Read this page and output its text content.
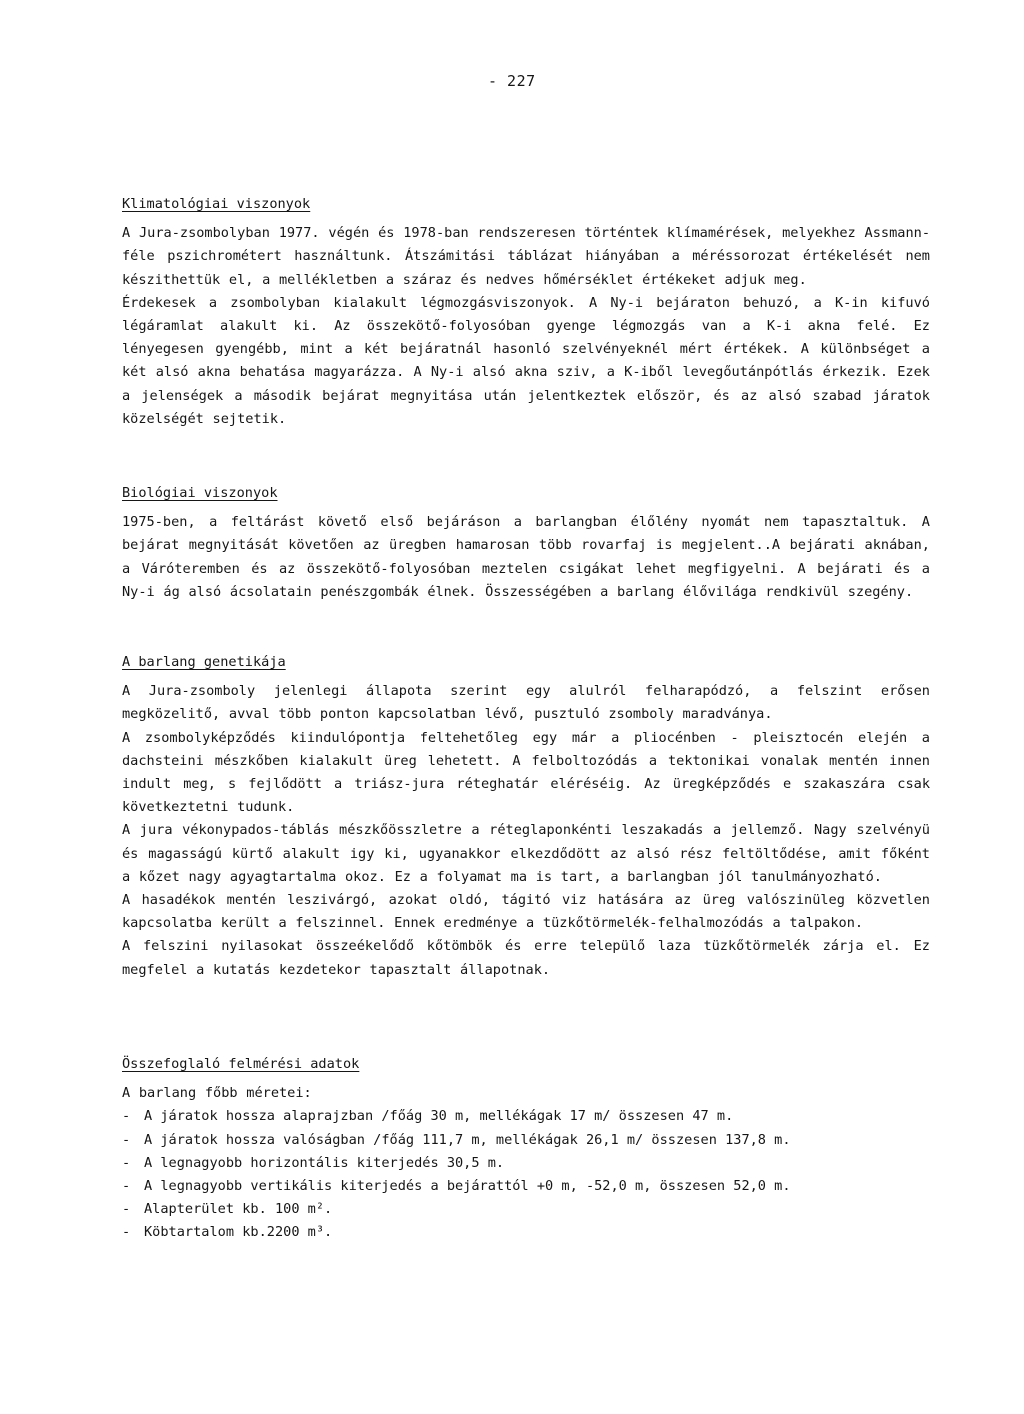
- 227
Klimatológiai viszonyok

A Jura-zsombolyban 1977. végén és 1978-ban rendszeresen történtek klímamérések, melyekhez Assmann-féle pszichrométert használtunk. Átszámitási táblázat hiányában a méréssorozat értékelését nem készithettük el, a mellékletben a száraz és nedves hőmérséklet értékeket adjuk meg.

Érdekesek a zsombolyban kialakult légmozgásviszonyok. A Ny-i bejáraton behuzó, a K-in kifuvó légáramlat alakult ki. Az összekötő-folyosóban gyenge légmozgás van a K-i akna felé. Ez lényegesen gyengébb, mint a két bejáratnál hasonló szelvényeknél mért értékek. A különbséget a két alsó akna behatása magyarázza. A Ny-i alsó akna sziv, a K-iből levegőutánpótlás érkezik. Ezek a jelenségek a második bejárat megnyitása után jelentkeztek először, és az alsó szabad járatok közelségét sejtetik.

Biológiai viszonyok

1975-ben, a feltárást követő első bejáráson a barlangban élőlény nyomát nem tapasztaltuk. A bejárat megnyitását követően az üregben hamarosan több rovarfaj is megjelent..A bejárati aknában, a Váróteremben és az összekötő-folyosóban meztelen csigákat lehet megfigyelni. A bejárati és a Ny-i ág alsó ácsolatain penészgombák élnek. Összességében a barlang élővilága rendkivül szegény.

A barlang genetikája

A Jura-zsomboly jelenlegi állapota szerint egy alulról felharapódzó, a felszint erősen megközelitő, avval több ponton kapcsolatban lévő, pusztuló zsomboly maradványa.

A zsombolyképződés kiindulópontja feltehetőleg egy már a pliocénben - pleisztocén elején a dachsteini mészkőben kialakult üreg lehetett. A felboltozódás a tektonikai vonalak mentén innen indult meg, s fejlődött a triász-jura réteghatár eléréséig. Az üregképződés e szakaszára csak következtetni tudunk.

A jura vékonypados-táblás mészkőösszletre a réteglaponkénti leszakadás a jellemző. Nagy szelvényü és magasságú kürtő alakult igy ki, ugyanakkor elkezdődött az alsó rész feltöltődése, amit főként a kőzet nagy agyagtartalma okoz. Ez a folyamat ma is tart, a barlangban jól tanulmányozható.

A hasadékok mentén leszivárgó, azokat oldó, tágitó viz hatására az üreg valószinüleg közvetlen kapcsolatba került a felszinnel. Ennek eredménye a tüzkőtörmelék-felhalmozódás a talpakon.

A felszini nyilasokat összeékelődő kőtömbök és erre települő laza tüzkőtörmelék zárja el. Ez megfelel a kutatás kezdetekor tapasztalt állapotnak.

Összefoglaló felmérési adatok

A barlang főbb méretei:

- A járatok hossza alaprajzban /főág 30 m, mellékágak 17 m/ összesen 47 m.
- A járatok hossza valóságban /főág 111,7 m, mellékágak 26,1 m/ összesen 137,8 m.
- A legnagyobb horizontális kiterjedés 30,5 m.
- A legnagyobb vertikális kiterjedés a bejárattól +0 m, -52,0 m, összesen 52,0 m.
- Alapterület kb. 100 m².
- Köbtartalom kb.2200 m³.
